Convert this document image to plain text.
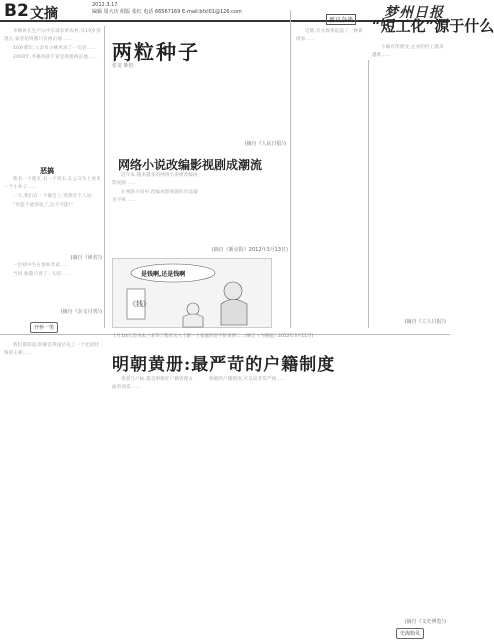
B2 文摘
2012.3.17
编辑 周大庆 组版 张红 电话 66567169 E-mail:bfxl01@126.com	梦州日报

李桃风在生产山中东部长的农村,从19岁到现在,家里始终都只有两亩地......

10岁那年,父亲对小桃风说了一句话......

2000年,李桃风接手家里的那两亩地...... 两粒种子
张龙 陈恒
(摘自《人民日报》)
恶搞

我有一个朋友,有一个周末,在公交车上看见一个小伙子......

一天,我们在一个聚会上,突然有个人说:

“你能不能别说了,这不可能!”

(摘自《读者》)

一位初中生在参加考试......

当时,他随口说了一句话......

(摘自《杂文月刊》)
开怀一笑
网络小说改编影视剧成潮流

近年来,越来越多的网络小说被改编成影视剧......

在网络小说中,改编成影视剧的作品屡见不鲜......

(摘自《新京报》2012年3月13日)
是钱啊,还是钱啊
《钱》
上月10日,是央本三来等工程有关人士跟一个家庭的是不好说得......(摘自《今晚报》2012年3月11日)
新议杂谈 “短工化”源于什么

近期,有关媒体报道了一种新现象......

小编有所感受,企业的招工越来越难......

(摘自《工人日报》)

我们都知道,明朝是我国历史上一个比较特殊的王朝......

明朝黄册:最严苛的户籍制度

黄册与户帖,都是明朝在户籍管理方面的创造......

明朝的户籍制度,可以说非常严格......

(摘自《文史博览》)
史海拾贝
